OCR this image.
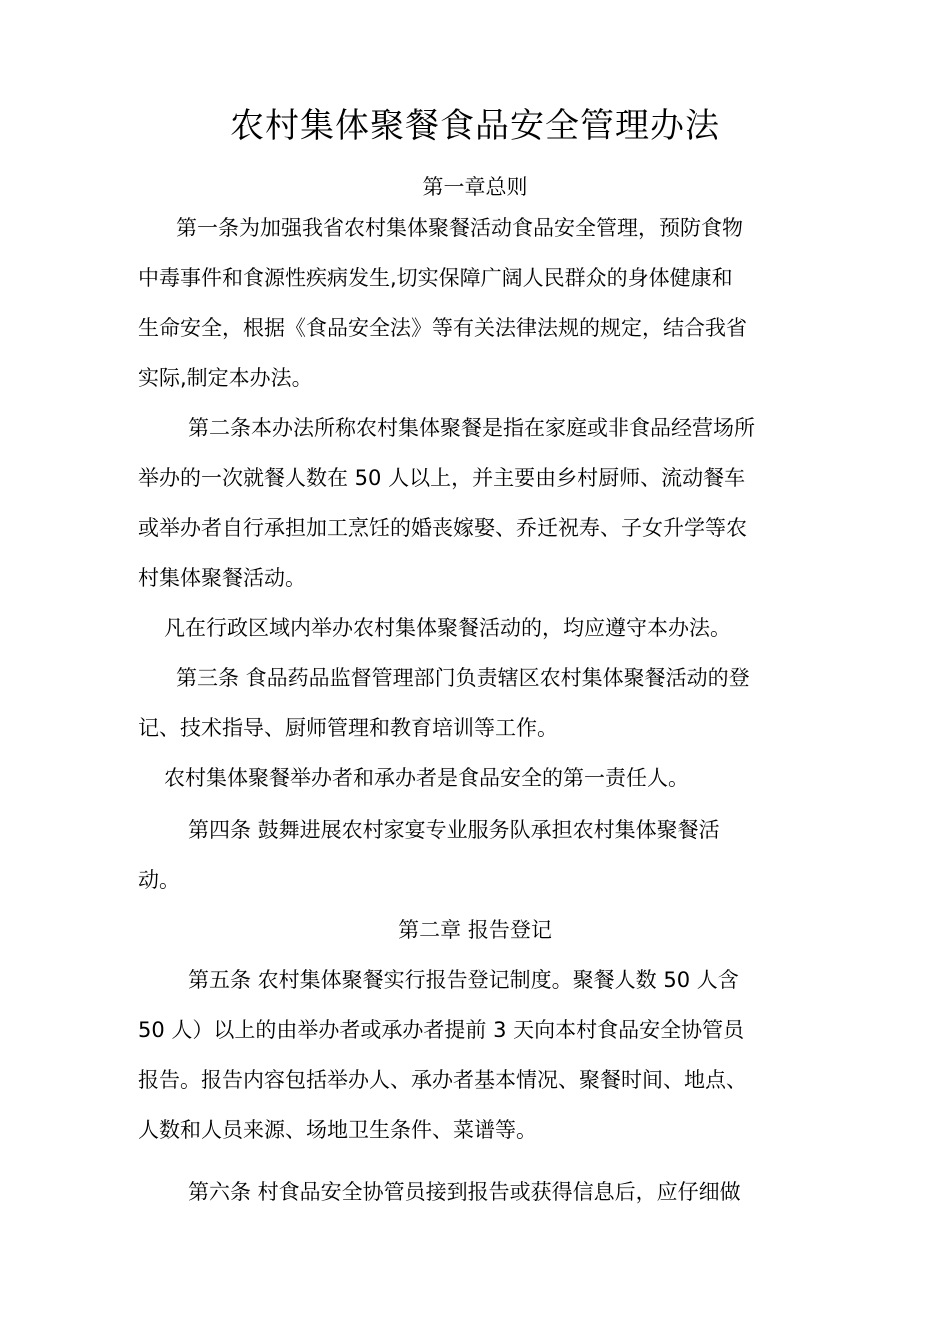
农村集体聚餐食品安全管理办法
第一章总则
第一条为加强我省农村集体聚餐活动食品安全管理，预防食物
中毒事件和食源性疾病发生,切实保障广阔人民群众的身体健康和
生命安全，根据《食品安全法》等有关法律法规的规定，结合我省
实际,制定本办法。
第二条本办法所称农村集体聚餐是指在家庭或非食品经营场所
举办的一次就餐人数在 50 人以上，并主要由乡村厨师、流动餐车
或举办者自行承担加工烹饪的婚丧嫁娶、乔迁祝寿、子女升学等农
村集体聚餐活动。
凡在行政区域内举办农村集体聚餐活动的，均应遵守本办法。
第三条 食品药品监督管理部门负责辖区农村集体聚餐活动的登
记、技术指导、厨师管理和教育培训等工作。
农村集体聚餐举办者和承办者是食品安全的第一责任人。
第四条 鼓舞进展农村家宴专业服务队承担农村集体聚餐活
动。
第二章 报告登记
第五条 农村集体聚餐实行报告登记制度。聚餐人数 50 人含
50 人）以上的由举办者或承办者提前 3 天向本村食品安全协管员
报告。报告内容包括举办人、承办者基本情况、聚餐时间、地点、
人数和人员来源、场地卫生条件、菜谱等。
第六条 村食品安全协管员接到报告或获得信息后，应仔细做
